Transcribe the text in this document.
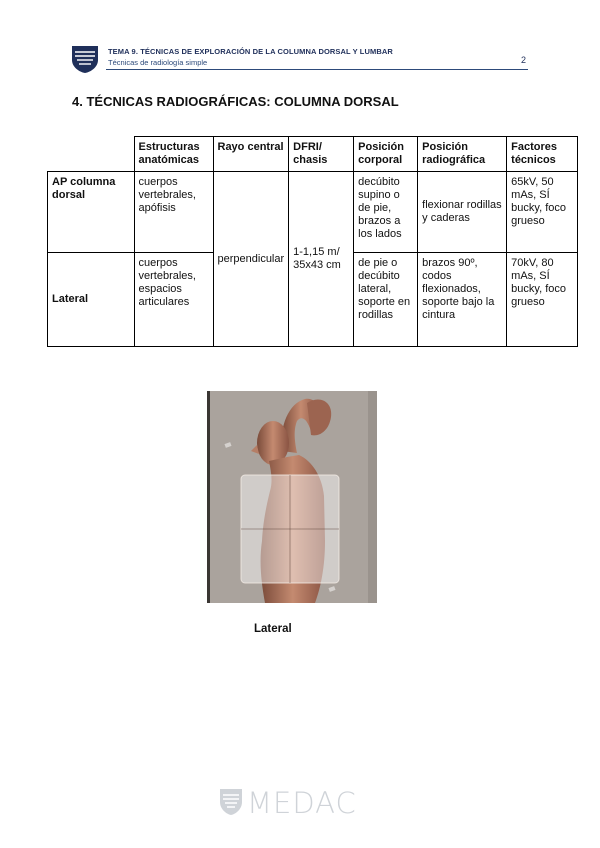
TEMA 9. TÉCNICAS DE EXPLORACIÓN DE LA COLUMNA DORSAL Y LUMBAR
Técnicas de radiología simple	2
4. TÉCNICAS RADIOGRÁFICAS: COLUMNA DORSAL
	Estructuras anatómicas	Rayo central	DFRI/ chasis	Posición corporal	Posición radiográfica	Factores técnicos
AP columna dorsal	cuerpos vertebrales, apófisis	perpendicular	1-1,15 m/ 35x43 cm	decúbito supino o de pie, brazos a los lados	flexionar rodillas y caderas	65kV, 50 mAs, SÍ bucky, foco grueso
Lateral	cuerpos vertebrales, espacios articulares			de pie o decúbito lateral, soporte en rodillas	brazos 90º, codos flexionados, soporte bajo la cintura	70kV, 80 mAs, SÍ bucky, foco grueso
Lateral
MEDAC
